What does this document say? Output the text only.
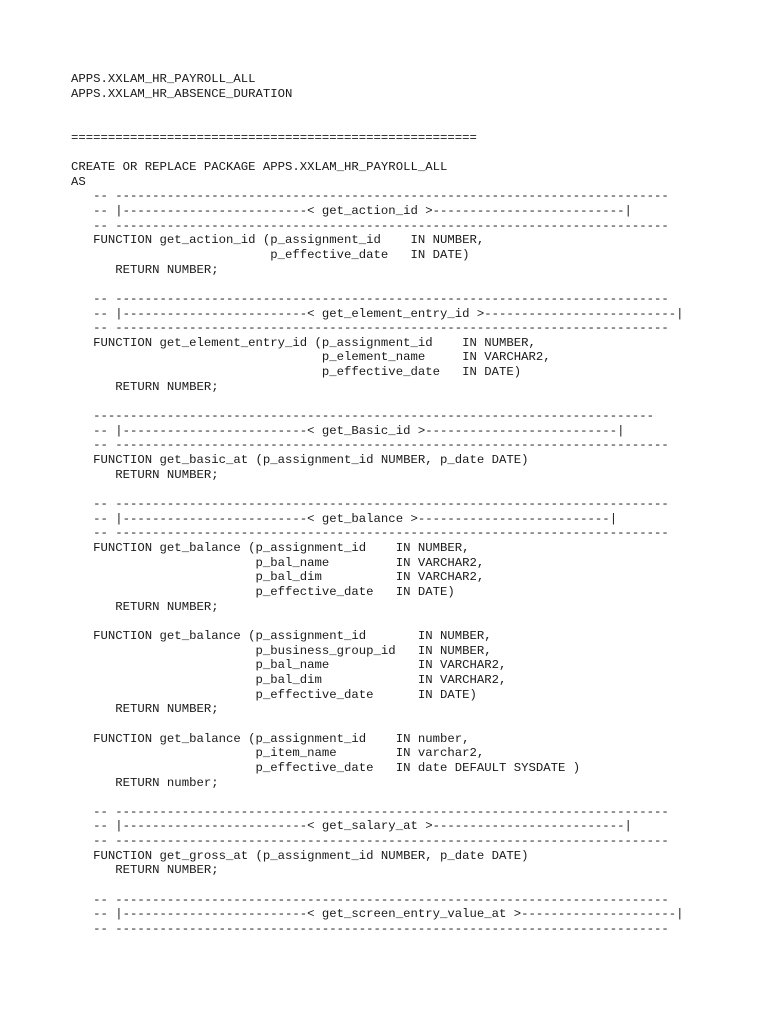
APPS.XXLAM_HR_PAYROLL_ALL
APPS.XXLAM_HR_ABSENCE_DURATION
=======================================================
CREATE OR REPLACE PACKAGE APPS.XXLAM_HR_PAYROLL_ALL
AS
-- ---------------------------------------------------------------------------
-- |-------------------------< get_action_id >--------------------------|
-- ---------------------------------------------------------------------------
FUNCTION get_action_id (p_assignment_id    IN NUMBER,
p_effective_date   IN DATE)
RETURN NUMBER;
-- ---------------------------------------------------------------------------
-- |-------------------------< get_element_entry_id >--------------------------|
-- ---------------------------------------------------------------------------
FUNCTION get_element_entry_id (p_assignment_id    IN NUMBER,
p_element_name     IN VARCHAR2,
p_effective_date   IN DATE)
RETURN NUMBER;
----------------------------------------------------------------------------
-- |-------------------------< get_Basic_id >--------------------------|
-- ---------------------------------------------------------------------------
FUNCTION get_basic_at (p_assignment_id NUMBER, p_date DATE)
RETURN NUMBER;
-- ---------------------------------------------------------------------------
-- |-------------------------< get_balance >--------------------------|
-- ---------------------------------------------------------------------------
FUNCTION get_balance (p_assignment_id    IN NUMBER,
p_bal_name         IN VARCHAR2,
p_bal_dim          IN VARCHAR2,
p_effective_date   IN DATE)
RETURN NUMBER;
FUNCTION get_balance (p_assignment_id       IN NUMBER,
p_business_group_id   IN NUMBER,
p_bal_name            IN VARCHAR2,
p_bal_dim             IN VARCHAR2,
p_effective_date      IN DATE)
RETURN NUMBER;
FUNCTION get_balance (p_assignment_id    IN number,
p_item_name        IN varchar2,
p_effective_date   IN date DEFAULT SYSDATE )
RETURN number;
-- ---------------------------------------------------------------------------
-- |-------------------------< get_salary_at >--------------------------|
-- ---------------------------------------------------------------------------
FUNCTION get_gross_at (p_assignment_id NUMBER, p_date DATE)
RETURN NUMBER;
-- ---------------------------------------------------------------------------
-- |-------------------------< get_screen_entry_value_at >---------------------|
-- ---------------------------------------------------------------------------
